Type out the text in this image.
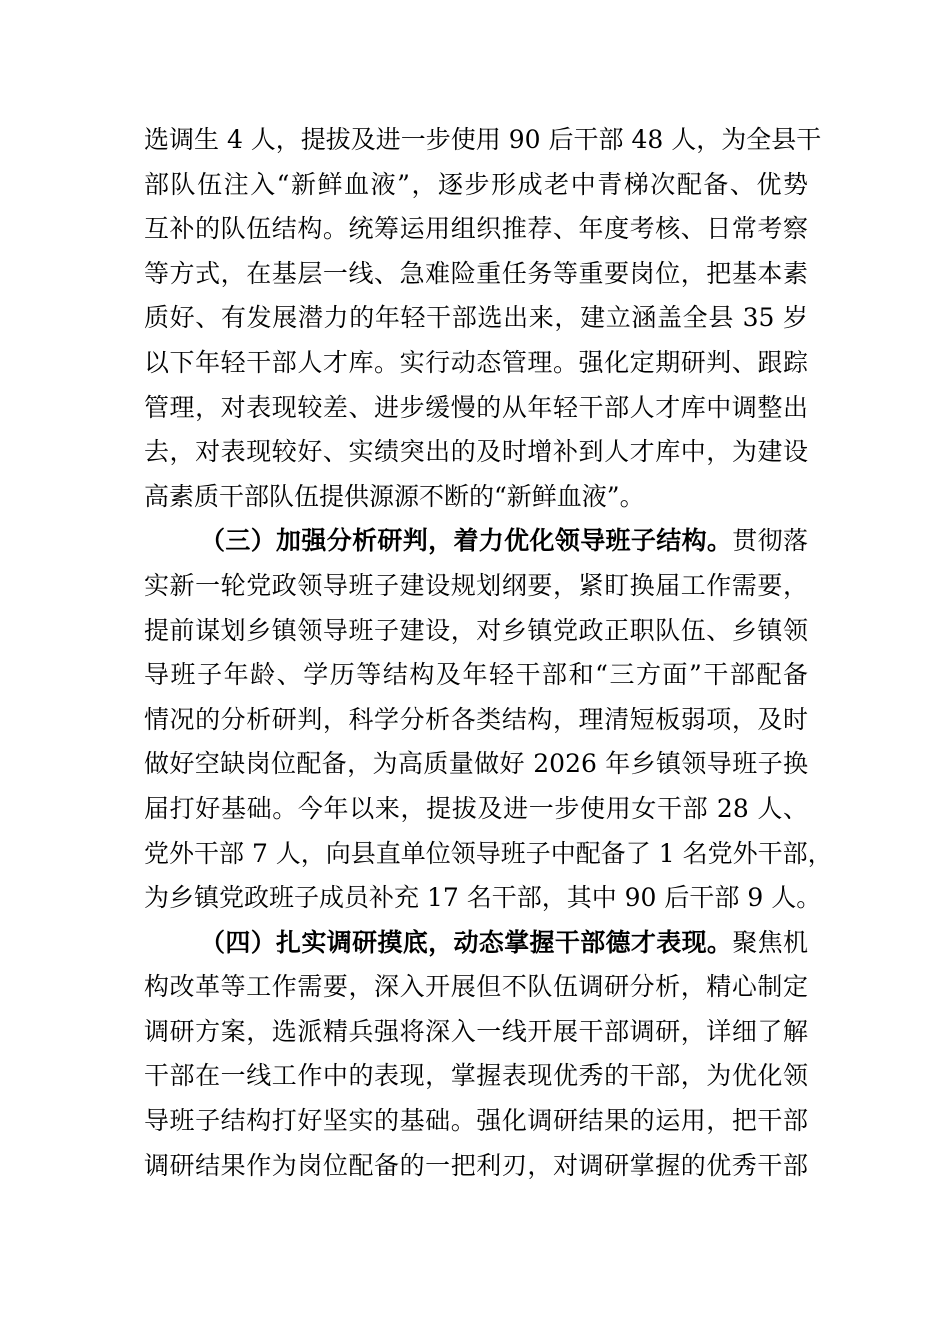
选调生 4 人，提拔及进一步使用 90 后干部 48 人，为全县干
部队伍注入“新鲜血液”，逐步形成老中青梯次配备、优势
互补的队伍结构。统筹运用组织推荐、年度考核、日常考察
等方式，在基层一线、急难险重任务等重要岗位，把基本素
质好、有发展潜力的年轻干部选出来，建立涵盖全县 35 岁
以下年轻干部人才库。实行动态管理。强化定期研判、跟踪
管理，对表现较差、进步缓慢的从年轻干部人才库中调整出
去，对表现较好、实绩突出的及时增补到人才库中，为建设
高素质干部队伍提供源源不断的“新鲜血液”。
（三）加强分析研判，着力优化领导班子结构。贯彻落
实新一轮党政领导班子建设规划纲要，紧盯换届工作需要，
提前谋划乡镇领导班子建设，对乡镇党政正职队伍、乡镇领
导班子年龄、学历等结构及年轻干部和“三方面”干部配备
情况的分析研判，科学分析各类结构，理清短板弱项，及时
做好空缺岗位配备，为高质量做好 2026 年乡镇领导班子换
届打好基础。今年以来，提拔及进一步使用女干部 28 人、
党外干部 7 人，向县直单位领导班子中配备了 1 名党外干部，
为乡镇党政班子成员补充 17 名干部，其中 90 后干部 9 人。
（四）扎实调研摸底，动态掌握干部德才表现。聚焦机
构改革等工作需要，深入开展但不队伍调研分析，精心制定
调研方案，选派精兵强将深入一线开展干部调研，详细了解
干部在一线工作中的表现，掌握表现优秀的干部，为优化领
导班子结构打好坚实的基础。强化调研结果的运用，把干部
调研结果作为岗位配备的一把利刃，对调研掌握的优秀干部
